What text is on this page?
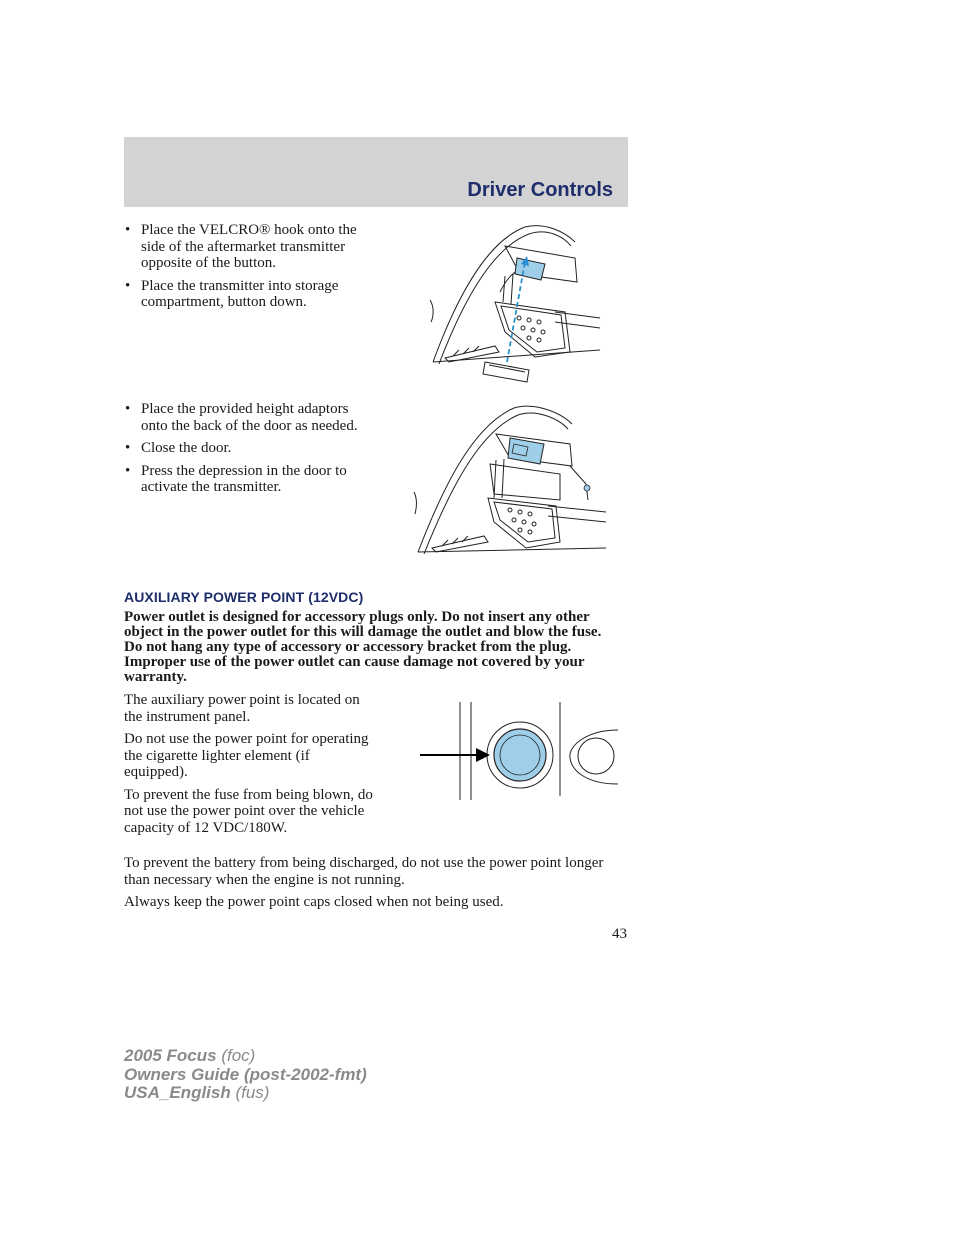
Driver Controls
• Place the VELCRO® hook onto the side of the aftermarket transmitter opposite of the button.
• Place the transmitter into storage compartment, button down.
• Place the provided height adaptors onto the back of the door as needed.
• Close the door.
• Press the depression in the door to activate the transmitter.
AUXILIARY POWER POINT (12VDC)
Power outlet is designed for accessory plugs only. Do not insert any other object in the power outlet for this will damage the outlet and blow the fuse. Do not hang any type of accessory or accessory bracket from the plug. Improper use of the power outlet can cause damage not covered by your warranty.

The auxiliary power point is located on the instrument panel.

Do not use the power point for operating the cigarette lighter element (if equipped).

To prevent the fuse from being blown, do not use the power point over the vehicle capacity of 12 VDC/180W.

To prevent the battery from being discharged, do not use the power point longer than necessary when the engine is not running.

Always keep the power point caps closed when not being used.

43
2005 Focus (foc)
Owners Guide (post-2002-fmt)
USA_English (fus)
